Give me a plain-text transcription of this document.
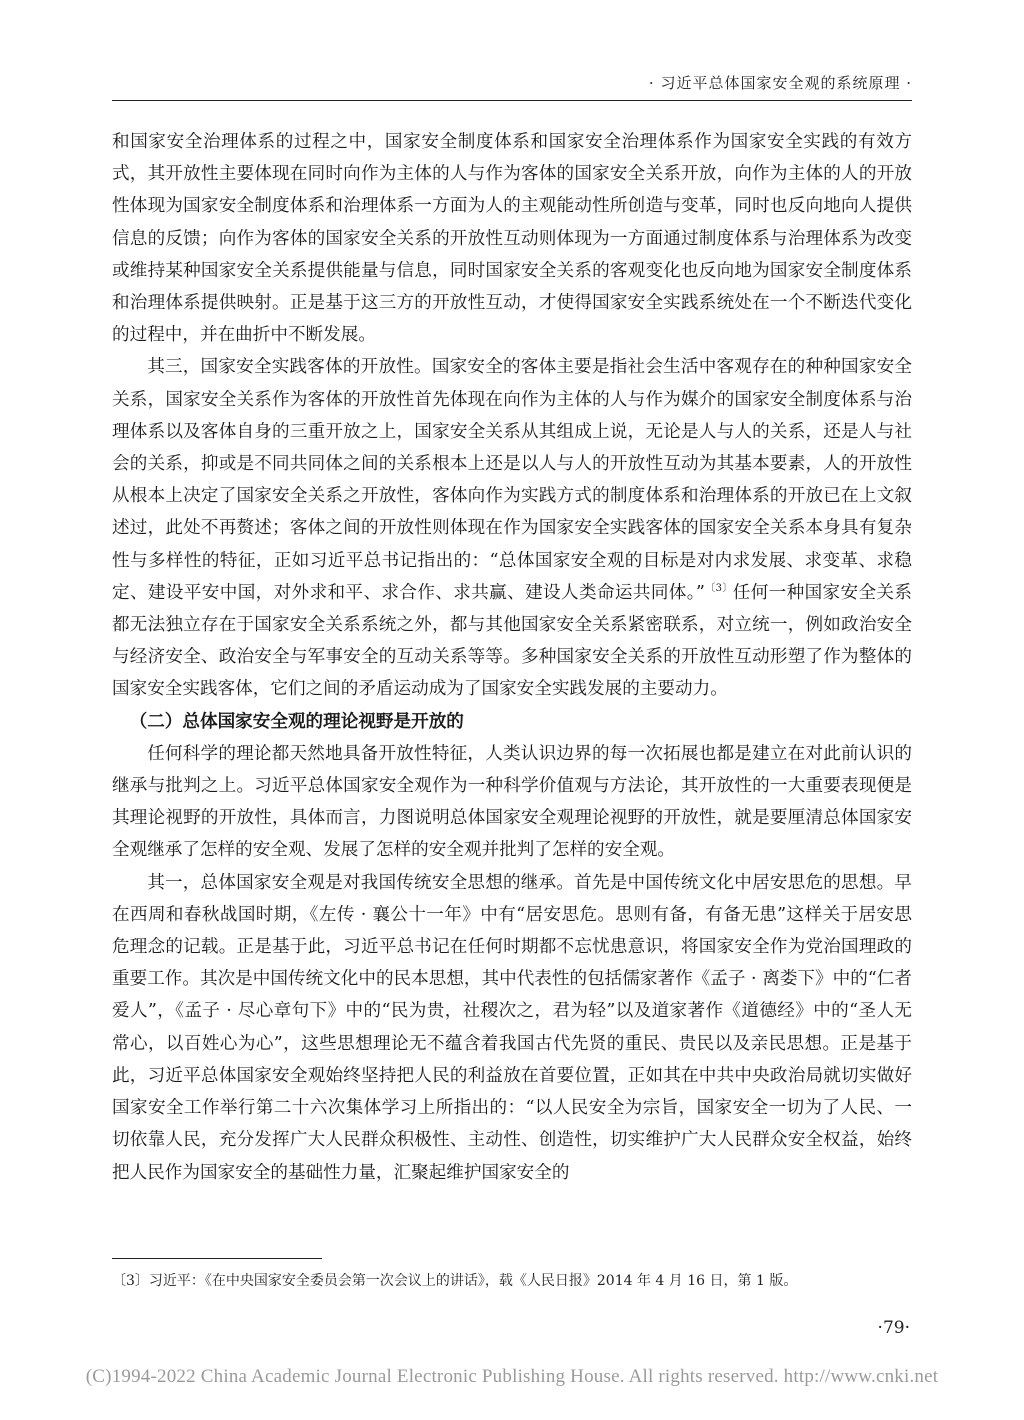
· 习近平总体国家安全观的系统原理 ·

和国家安全治理体系的过程之中，国家安全制度体系和国家安全治理体系作为国家安全实践的有效方式，其开放性主要体现在同时向作为主体的人与作为客体的国家安全关系开放，向作为主体的人的开放性体现为国家安全制度体系和治理体系一方面为人的主观能动性所创造与变革，同时也反向地向人提供信息的反馈；向作为客体的国家安全关系的开放性互动则体现为一方面通过制度体系与治理体系为改变或维持某种国家安全关系提供能量与信息，同时国家安全关系的客观变化也反向地为国家安全制度体系和治理体系提供映射。正是基于这三方的开放性互动，才使得国家安全实践系统处在一个不断迭代变化的过程中，并在曲折中不断发展。

其三，国家安全实践客体的开放性。国家安全的客体主要是指社会生活中客观存在的种种国家安全关系，国家安全关系作为客体的开放性首先体现在向作为主体的人与作为媒介的国家安全制度体系与治理体系以及客体自身的三重开放之上，国家安全关系从其组成上说，无论是人与人的关系，还是人与社会的关系，抑或是不同共同体之间的关系根本上还是以人与人的开放性互动为其基本要素，人的开放性从根本上决定了国家安全关系之开放性，客体向作为实践方式的制度体系和治理体系的开放已在上文叙述过，此处不再赘述；客体之间的开放性则体现在作为国家安全实践客体的国家安全关系本身具有复杂性与多样性的特征，正如习近平总书记指出的：“总体国家安全观的目标是对内求发展、求变革、求稳定、建设平安中国，对外求和平、求合作、求共赢、建设人类命运共同体。”$^{〔3〕}$任何一种国家安全关系都无法独立存在于国家安全关系系统之外，都与其他国家安全关系紧密联系，对立统一，例如政治安全与经济安全、政治安全与军事安全的互动关系等等。多种国家安全关系的开放性互动形塑了作为整体的国家安全实践客体，它们之间的矛盾运动成为了国家安全实践发展的主要动力。

（二）总体国家安全观的理论视野是开放的

任何科学的理论都天然地具备开放性特征，人类认识边界的每一次拓展也都是建立在对此前认识的继承与批判之上。习近平总体国家安全观作为一种科学价值观与方法论，其开放性的一大重要表现便是其理论视野的开放性，具体而言，力图说明总体国家安全观理论视野的开放性，就是要厘清总体国家安全观继承了怎样的安全观、发展了怎样的安全观并批判了怎样的安全观。

其一，总体国家安全观是对我国传统安全思想的继承。首先是中国传统文化中居安思危的思想。早在西周和春秋战国时期，《左传 · 襄公十一年》中有“居安思危。思则有备，有备无患”这样关于居安思危理念的记载。正是基于此，习近平总书记在任何时期都不忘忧患意识，将国家安全作为党治国理政的重要工作。其次是中国传统文化中的民本思想，其中代表性的包括儒家著作《孟子 · 离娄下》中的“仁者爱人”，《孟子 · 尽心章句下》中的“民为贵，社稷次之，君为轻”以及道家著作《道德经》中的“圣人无常心，以百姓心为心”，这些思想理论无不蕴含着我国古代先贤的重民、贵民以及亲民思想。正是基于此，习近平总体国家安全观始终坚持把人民的利益放在首要位置，正如其在中共中央政治局就切实做好国家安全工作举行第二十六次集体学习上所指出的：“以人民安全为宗旨，国家安全一切为了人民、一切依靠人民，充分发挥广大人民群众积极性、主动性、创造性，切实维护广大人民群众安全权益，始终把人民作为国家安全的基础性力量，汇聚起维护国家安全的

〔3〕习近平：《在中央国家安全委员会第一次会议上的讲话》，载《人民日报》2014 年 4 月 16 日，第 1 版。
·79·
(C)1994-2022 China Academic Journal Electronic Publishing House. All rights reserved. http://www.cnki.net
